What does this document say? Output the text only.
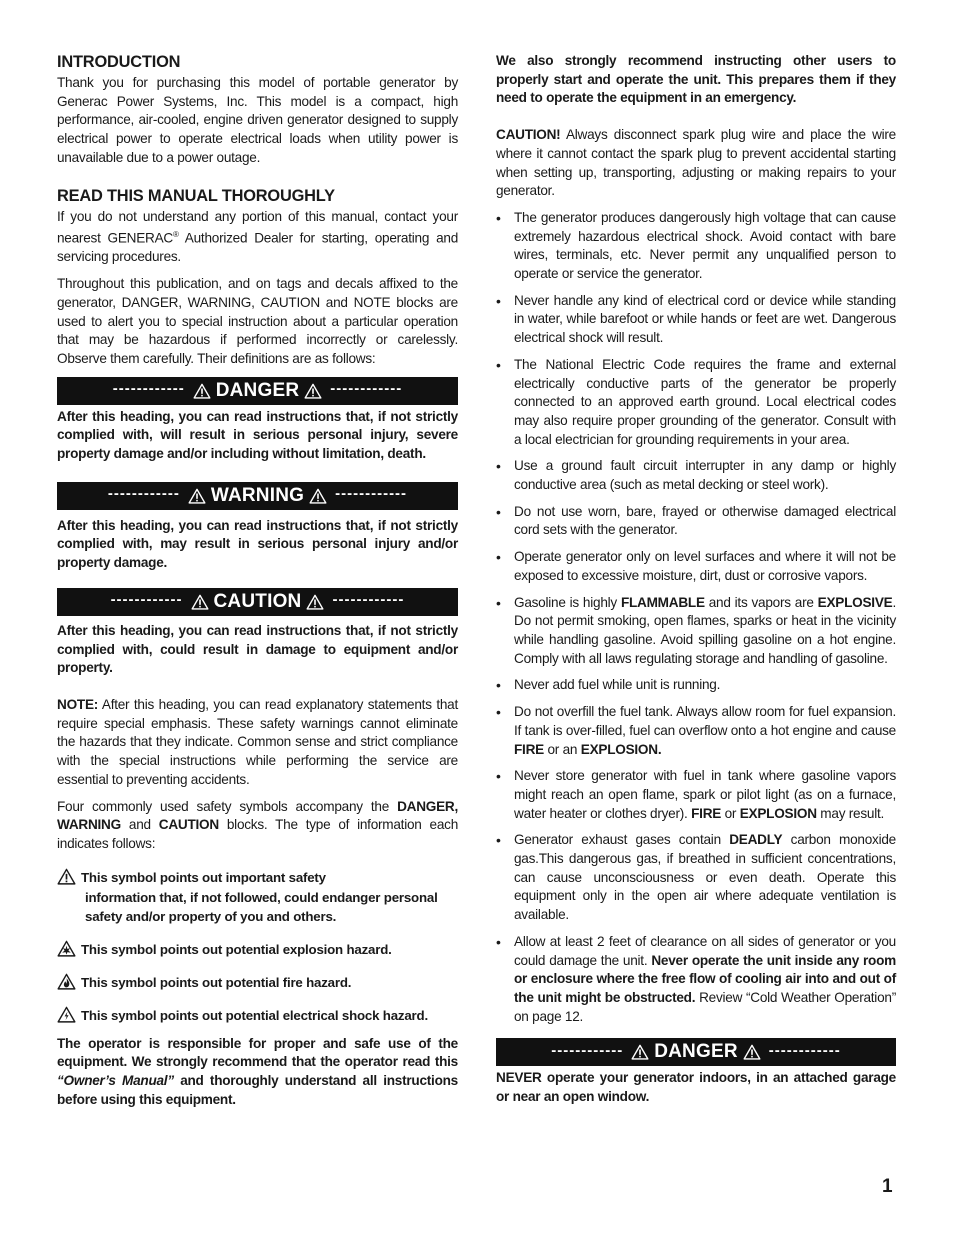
INTRODUCTION

Thank you for purchasing this model of portable generator by Generac Power Systems, Inc. This model is a compact, high performance, air-cooled, engine driven generator designed to supply electrical power to operate electrical loads when utility power is unavailable due to a power outage.

READ THIS MANUAL THOROUGHLY

If you do not understand any portion of this manual, contact your nearest GENERAC® Authorized Dealer for starting, operating and servicing procedures.

Throughout this publication, and on tags and decals affixed to the generator, DANGER, WARNING, CAUTION and NOTE blocks are used to alert you to special instruction about a particular operation that may be hazardous if performed incorrectly or carelessly. Observe them carefully. Their definitions are as follows:

------------ DANGER ------------

After this heading, you can read instructions that, if not strictly complied with, will result in serious personal injury, severe property damage and/or including without limitation, death.

------------ WARNING ------------

After this heading, you can read instructions that, if not strictly complied with, may result in serious personal injury and/or property damage.

------------ CAUTION ------------

After this heading, you can read instructions that, if not strictly complied with, could result in damage to equipment and/or property.

NOTE: After this heading, you can read explanatory statements that require special emphasis. These safety warnings cannot eliminate the hazards that they indicate. Common sense and strict compliance with the special instructions while performing the service are essential to preventing accidents.

Four commonly used safety symbols accompany the DANGER, WARNING and CAUTION blocks. The type of information each indicates follows:

This symbol points out important safety
information that, if not followed, could endanger personal safety and/or property of you and others.
This symbol points out potential explosion hazard.
This symbol points out potential fire hazard.
This symbol points out potential electrical shock hazard.

The operator is responsible for proper and safe use of the equipment. We strongly recommend that the operator read this “Owner’s Manual” and thoroughly understand all instructions before using this equipment.

We also strongly recommend instructing other users to properly start and operate the unit. This prepares them if they need to operate the equipment in an emergency.

CAUTION! Always disconnect spark plug wire and place the wire where it cannot contact the spark plug to prevent accidental starting when setting up, transporting, adjusting or making repairs to your generator.

• The generator produces dangerously high voltage that can cause extremely hazardous electrical shock. Avoid contact with bare wires, terminals, etc. Never permit any unqualified person to operate or service the generator.
• Never handle any kind of electrical cord or device while standing in water, while barefoot or while hands or feet are wet. Dangerous electrical shock will result.
• The National Electric Code requires the frame and external electrically conductive parts of the generator be properly connected to an approved earth ground. Local electrical codes may also require proper grounding of the generator. Consult with a local electrician for grounding requirements in your area.
• Use a ground fault circuit interrupter in any damp or highly conductive area (such as metal decking or steel work).
• Do not use worn, bare, frayed or otherwise damaged electrical cord sets with the generator.
• Operate generator only on level surfaces and where it will not be exposed to excessive moisture, dirt, dust or corrosive vapors.
• Gasoline is highly FLAMMABLE and its vapors are EXPLOSIVE. Do not permit smoking, open flames, sparks or heat in the vicinity while handling gasoline. Avoid spilling gasoline on a hot engine. Comply with all laws regulating storage and handling of gasoline.
• Never add fuel while unit is running.
• Do not overfill the fuel tank. Always allow room for fuel expansion. If tank is over-filled, fuel can overflow onto a hot engine and cause FIRE or an EXPLOSION.
• Never store generator with fuel in tank where gasoline vapors might reach an open flame, spark or pilot light (as on a furnace, water heater or clothes dryer). FIRE or EXPLOSION may result.
• Generator exhaust gases contain DEADLY carbon monoxide gas.This dangerous gas, if breathed in sufficient concentrations, can cause unconsciousness or even death. Operate this equipment only in the open air where adequate ventilation is available.
• Allow at least 2 feet of clearance on all sides of generator or you could damage the unit. Never operate the unit inside any room or enclosure where the free flow of cooling air into and out of the unit might be obstructed. Review “Cold Weather Operation” on page 12.
------------ DANGER ------------

NEVER operate your generator indoors, in an attached garage or near an open window.

1
